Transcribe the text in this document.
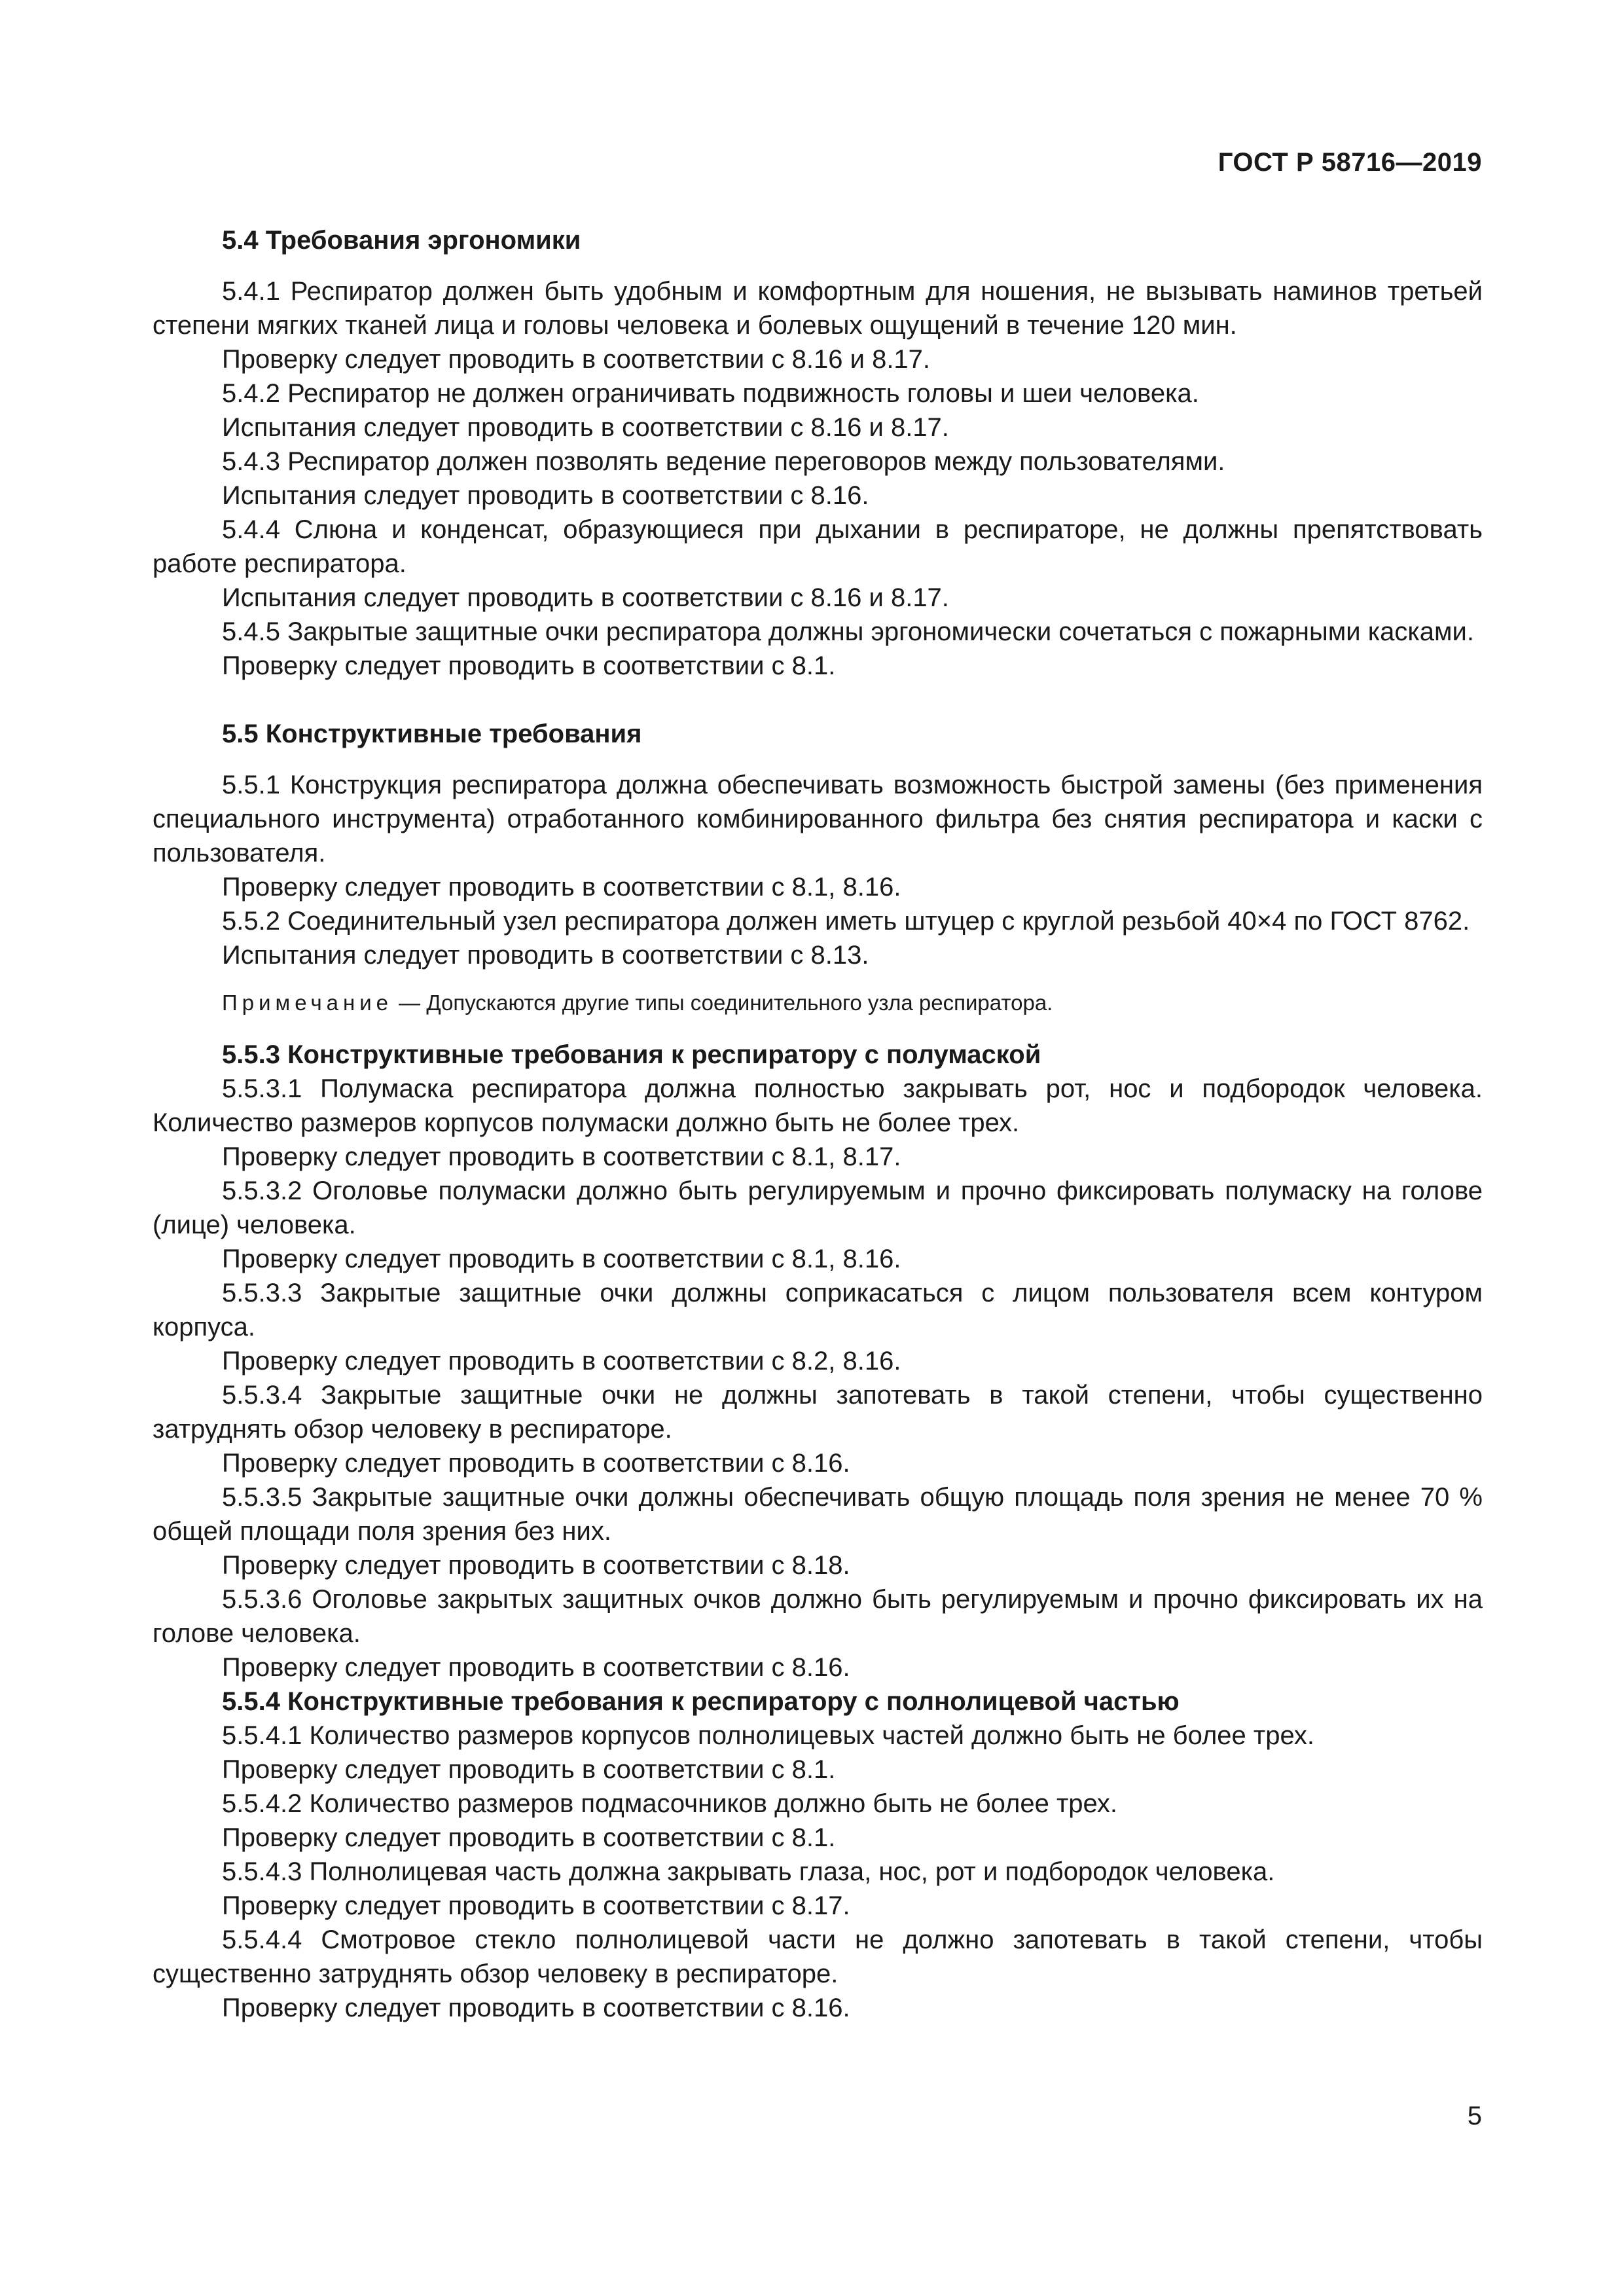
ГОСТ Р 58716—2019

5.4 Требования эргономики

5.4.1 Респиратор должен быть удобным и комфортным для ношения, не вызывать наминов третьей степени мягких тканей лица и головы человека и болевых ощущений в течение 120 мин.

Проверку следует проводить в соответствии с 8.16 и 8.17.

5.4.2 Респиратор не должен ограничивать подвижность головы и шеи человека.

Испытания следует проводить в соответствии с 8.16 и 8.17.

5.4.3 Респиратор должен позволять ведение переговоров между пользователями.

Испытания следует проводить в соответствии с 8.16.

5.4.4 Слюна и конденсат, образующиеся при дыхании в респираторе, не должны препятствовать работе респиратора.

Испытания следует проводить в соответствии с 8.16 и 8.17.

5.4.5 Закрытые защитные очки респиратора должны эргономически сочетаться с пожарными касками.

Проверку следует проводить в соответствии с 8.1.

5.5 Конструктивные требования

5.5.1 Конструкция респиратора должна обеспечивать возможность быстрой замены (без применения специального инструмента) отработанного комбинированного фильтра без снятия респиратора и каски с пользователя.

Проверку следует проводить в соответствии с 8.1, 8.16.

5.5.2 Соединительный узел респиратора должен иметь штуцер с круглой резьбой 40×4 по ГОСТ 8762.

Испытания следует проводить в соответствии с 8.13.

Примечание — Допускаются другие типы соединительного узла респиратора.

5.5.3 Конструктивные требования к респиратору с полумаской

5.5.3.1 Полумаска респиратора должна полностью закрывать рот, нос и подбородок человека. Количество размеров корпусов полумаски должно быть не более трех.

Проверку следует проводить в соответствии с 8.1, 8.17.

5.5.3.2 Оголовье полумаски должно быть регулируемым и прочно фиксировать полумаску на голове (лице) человека.

Проверку следует проводить в соответствии с 8.1, 8.16.

5.5.3.3 Закрытые защитные очки должны соприкасаться с лицом пользователя всем контуром корпуса.

Проверку следует проводить в соответствии с 8.2, 8.16.

5.5.3.4 Закрытые защитные очки не должны запотевать в такой степени, чтобы существенно затруднять обзор человеку в респираторе.

Проверку следует проводить в соответствии с 8.16.

5.5.3.5 Закрытые защитные очки должны обеспечивать общую площадь поля зрения не менее 70 % общей площади поля зрения без них.

Проверку следует проводить в соответствии с 8.18.

5.5.3.6 Оголовье закрытых защитных очков должно быть регулируемым и прочно фиксировать их на голове человека.

Проверку следует проводить в соответствии с 8.16.

5.5.4 Конструктивные требования к респиратору с полнолицевой частью

5.5.4.1 Количество размеров корпусов полнолицевых частей должно быть не более трех.

Проверку следует проводить в соответствии с 8.1.

5.5.4.2 Количество размеров подмасочников должно быть не более трех.

Проверку следует проводить в соответствии с 8.1.

5.5.4.3 Полнолицевая часть должна закрывать глаза, нос, рот и подбородок человека.

Проверку следует проводить в соответствии с 8.17.

5.5.4.4 Смотровое стекло полнолицевой части не должно запотевать в такой степени, чтобы существенно затруднять обзор человеку в респираторе.

Проверку следует проводить в соответствии с 8.16.

5
